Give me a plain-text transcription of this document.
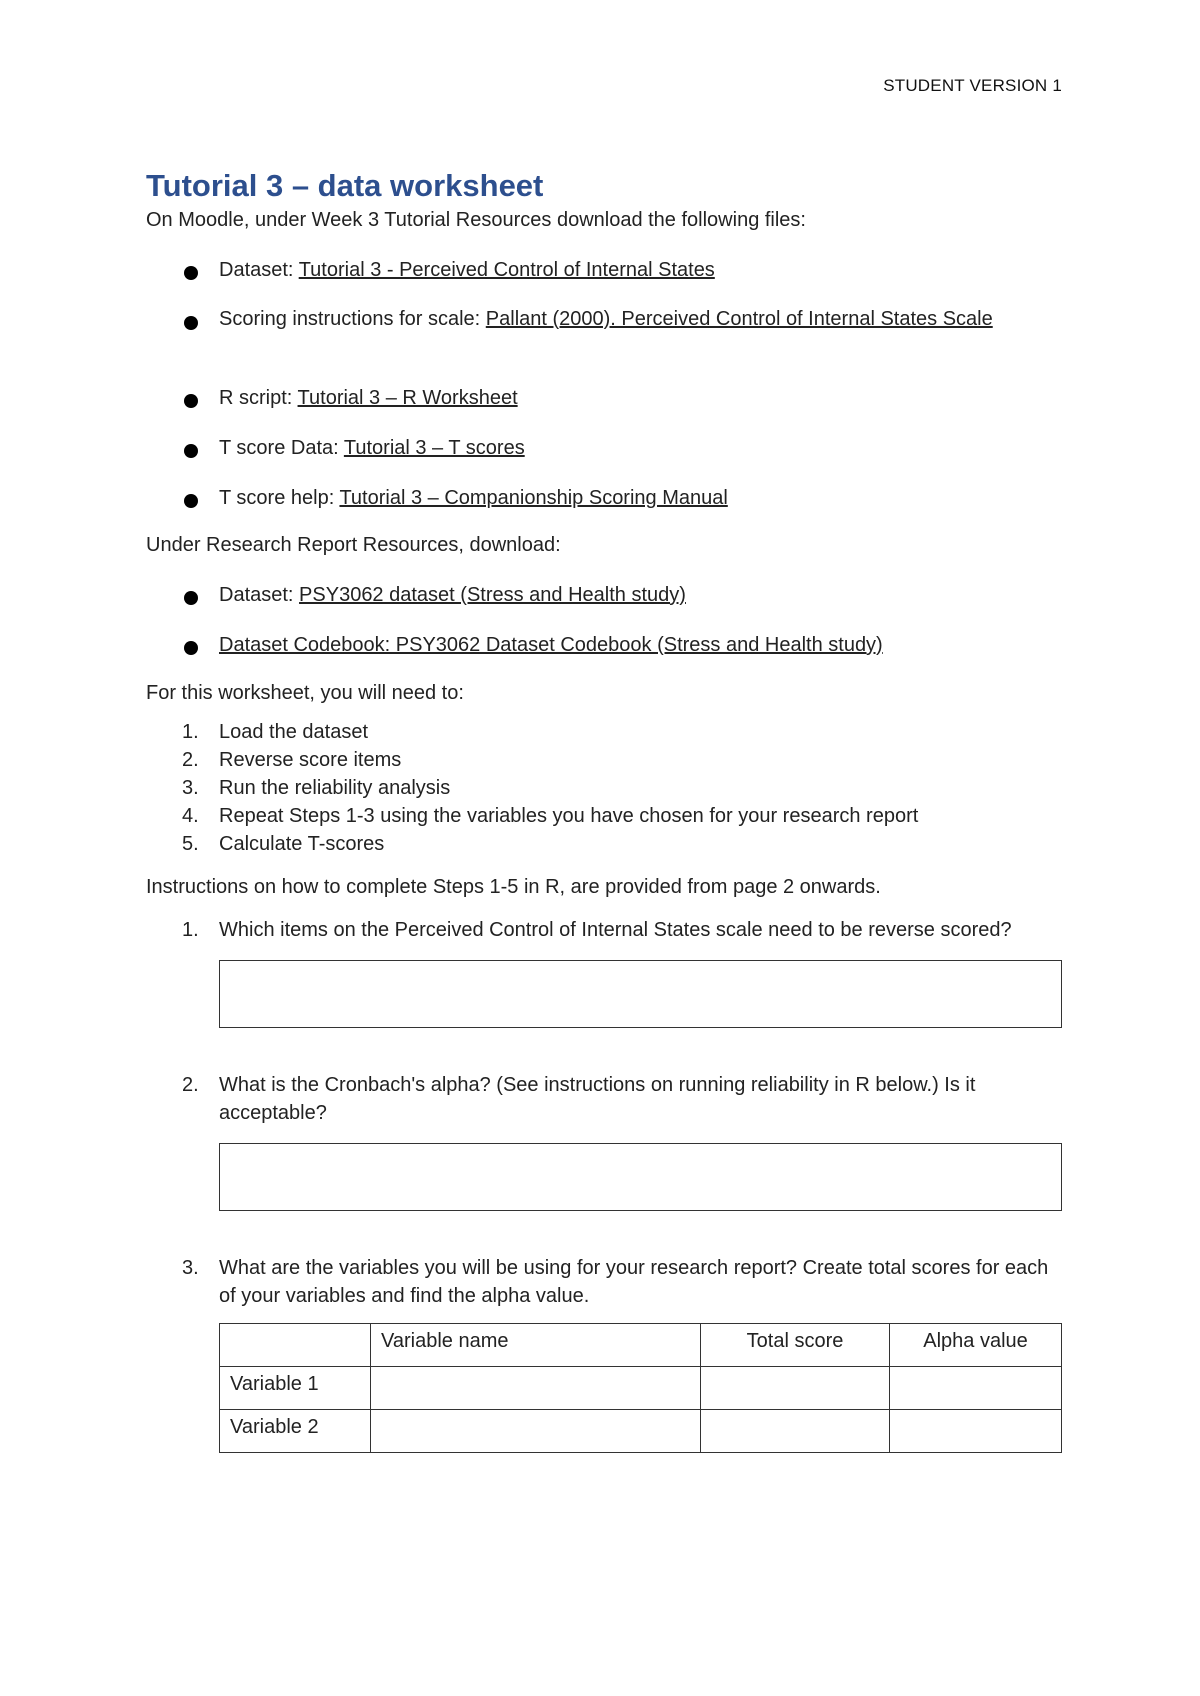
STUDENT VERSION 1
Tutorial 3 – data worksheet

On Moodle, under Week 3 Tutorial Resources download the following files:

Dataset: Tutorial 3 - Perceived Control of Internal States
Scoring instructions for scale: Pallant (2000). Perceived Control of Internal States Scale
R script: Tutorial 3 – R Worksheet
T score Data: Tutorial 3 – T scores
T score help: Tutorial 3 – Companionship Scoring Manual

Under Research Report Resources, download:

Dataset: PSY3062 dataset (Stress and Health study)
Dataset Codebook: PSY3062 Dataset Codebook (Stress and Health study)

For this worksheet, you will need to:

1. Load the dataset
2. Reverse score items
3. Run the reliability analysis
4. Repeat Steps 1-3 using the variables you have chosen for your research report
5. Calculate T-scores

Instructions on how to complete Steps 1-5 in R, are provided from page 2 onwards.

1. Which items on the Perceived Control of Internal States scale need to be reverse scored?
2. What is the Cronbach's alpha? (See instructions on running reliability in R below.) Is it acceptable?
3. What are the variables you will be using for your research report? Create total scores for each of your variables and find the alpha value.
	Variable name	Total score	Alpha value
Variable 1			
Variable 2			
